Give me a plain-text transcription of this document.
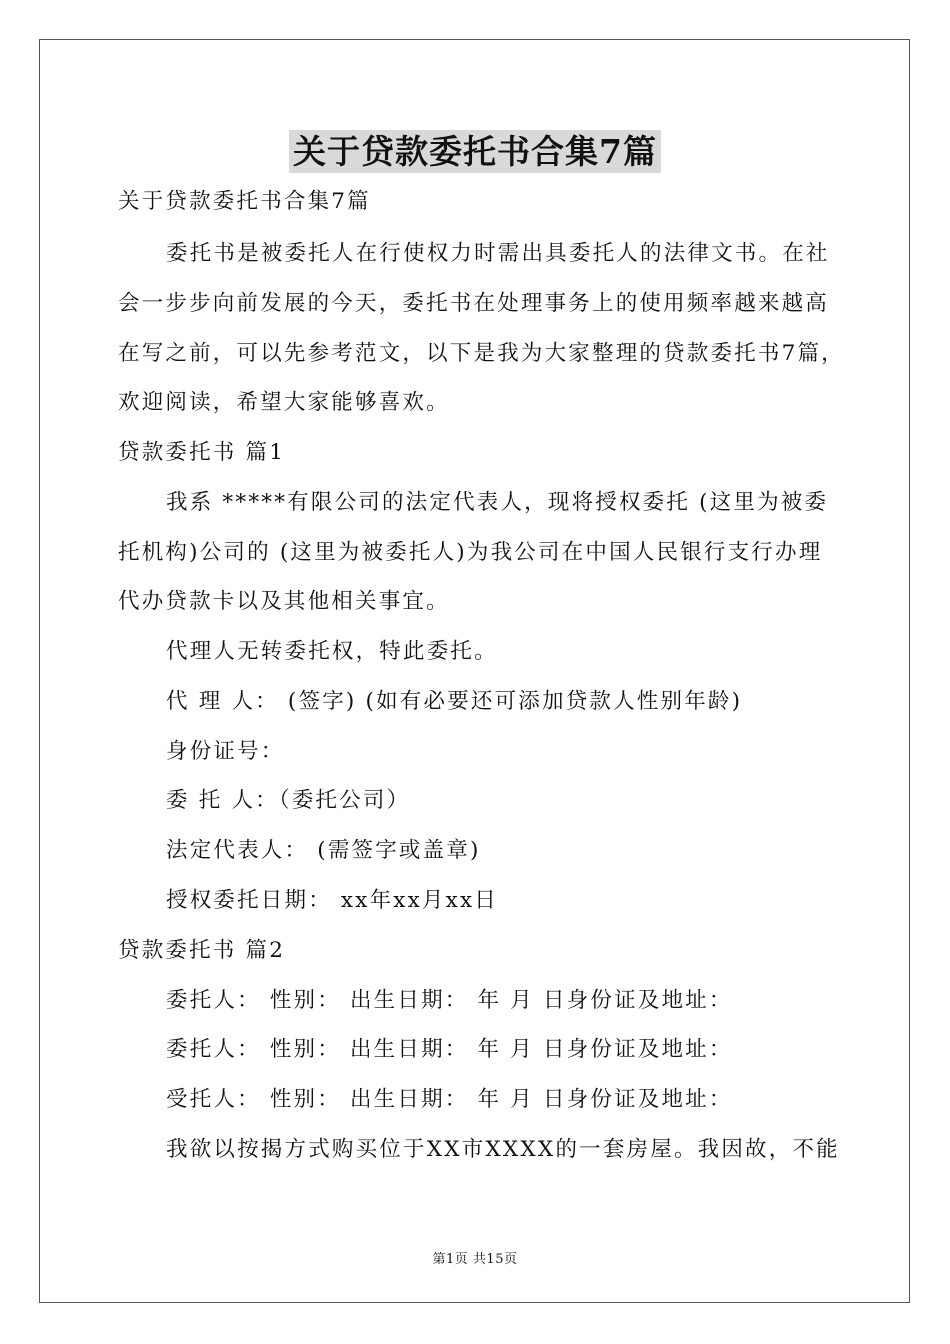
关于贷款委托书合集7篇
关于贷款委托书合集7篇
委托书是被委托人在行使权力时需出具委托人的法律文书。在社
会一步步向前发展的今天，委托书在处理事务上的使用频率越来越高
在写之前，可以先参考范文，以下是我为大家整理的贷款委托书7篇，
欢迎阅读，希望大家能够喜欢。
贷款委托书 篇1
我系 *****有限公司的法定代表人，现将授权委托 (这里为被委
托机构)公司的 (这里为被委托人)为我公司在中国人民银行支行办理
代办贷款卡以及其他相关事宜。
代理人无转委托权，特此委托。
代 理 人： (签字) (如有必要还可添加贷款人性别年龄)
身份证号：
委 托 人：（委托公司）
法定代表人： (需签字或盖章)
授权委托日期： xx年xx月xx日
贷款委托书 篇2
委托人： 性别： 出生日期： 年 月 日身份证及地址：
委托人： 性别： 出生日期： 年 月 日身份证及地址：
受托人： 性别： 出生日期： 年 月 日身份证及地址：
我欲以按揭方式购买位于XX市XXXX的一套房屋。我因故，不能
第1页 共15页
